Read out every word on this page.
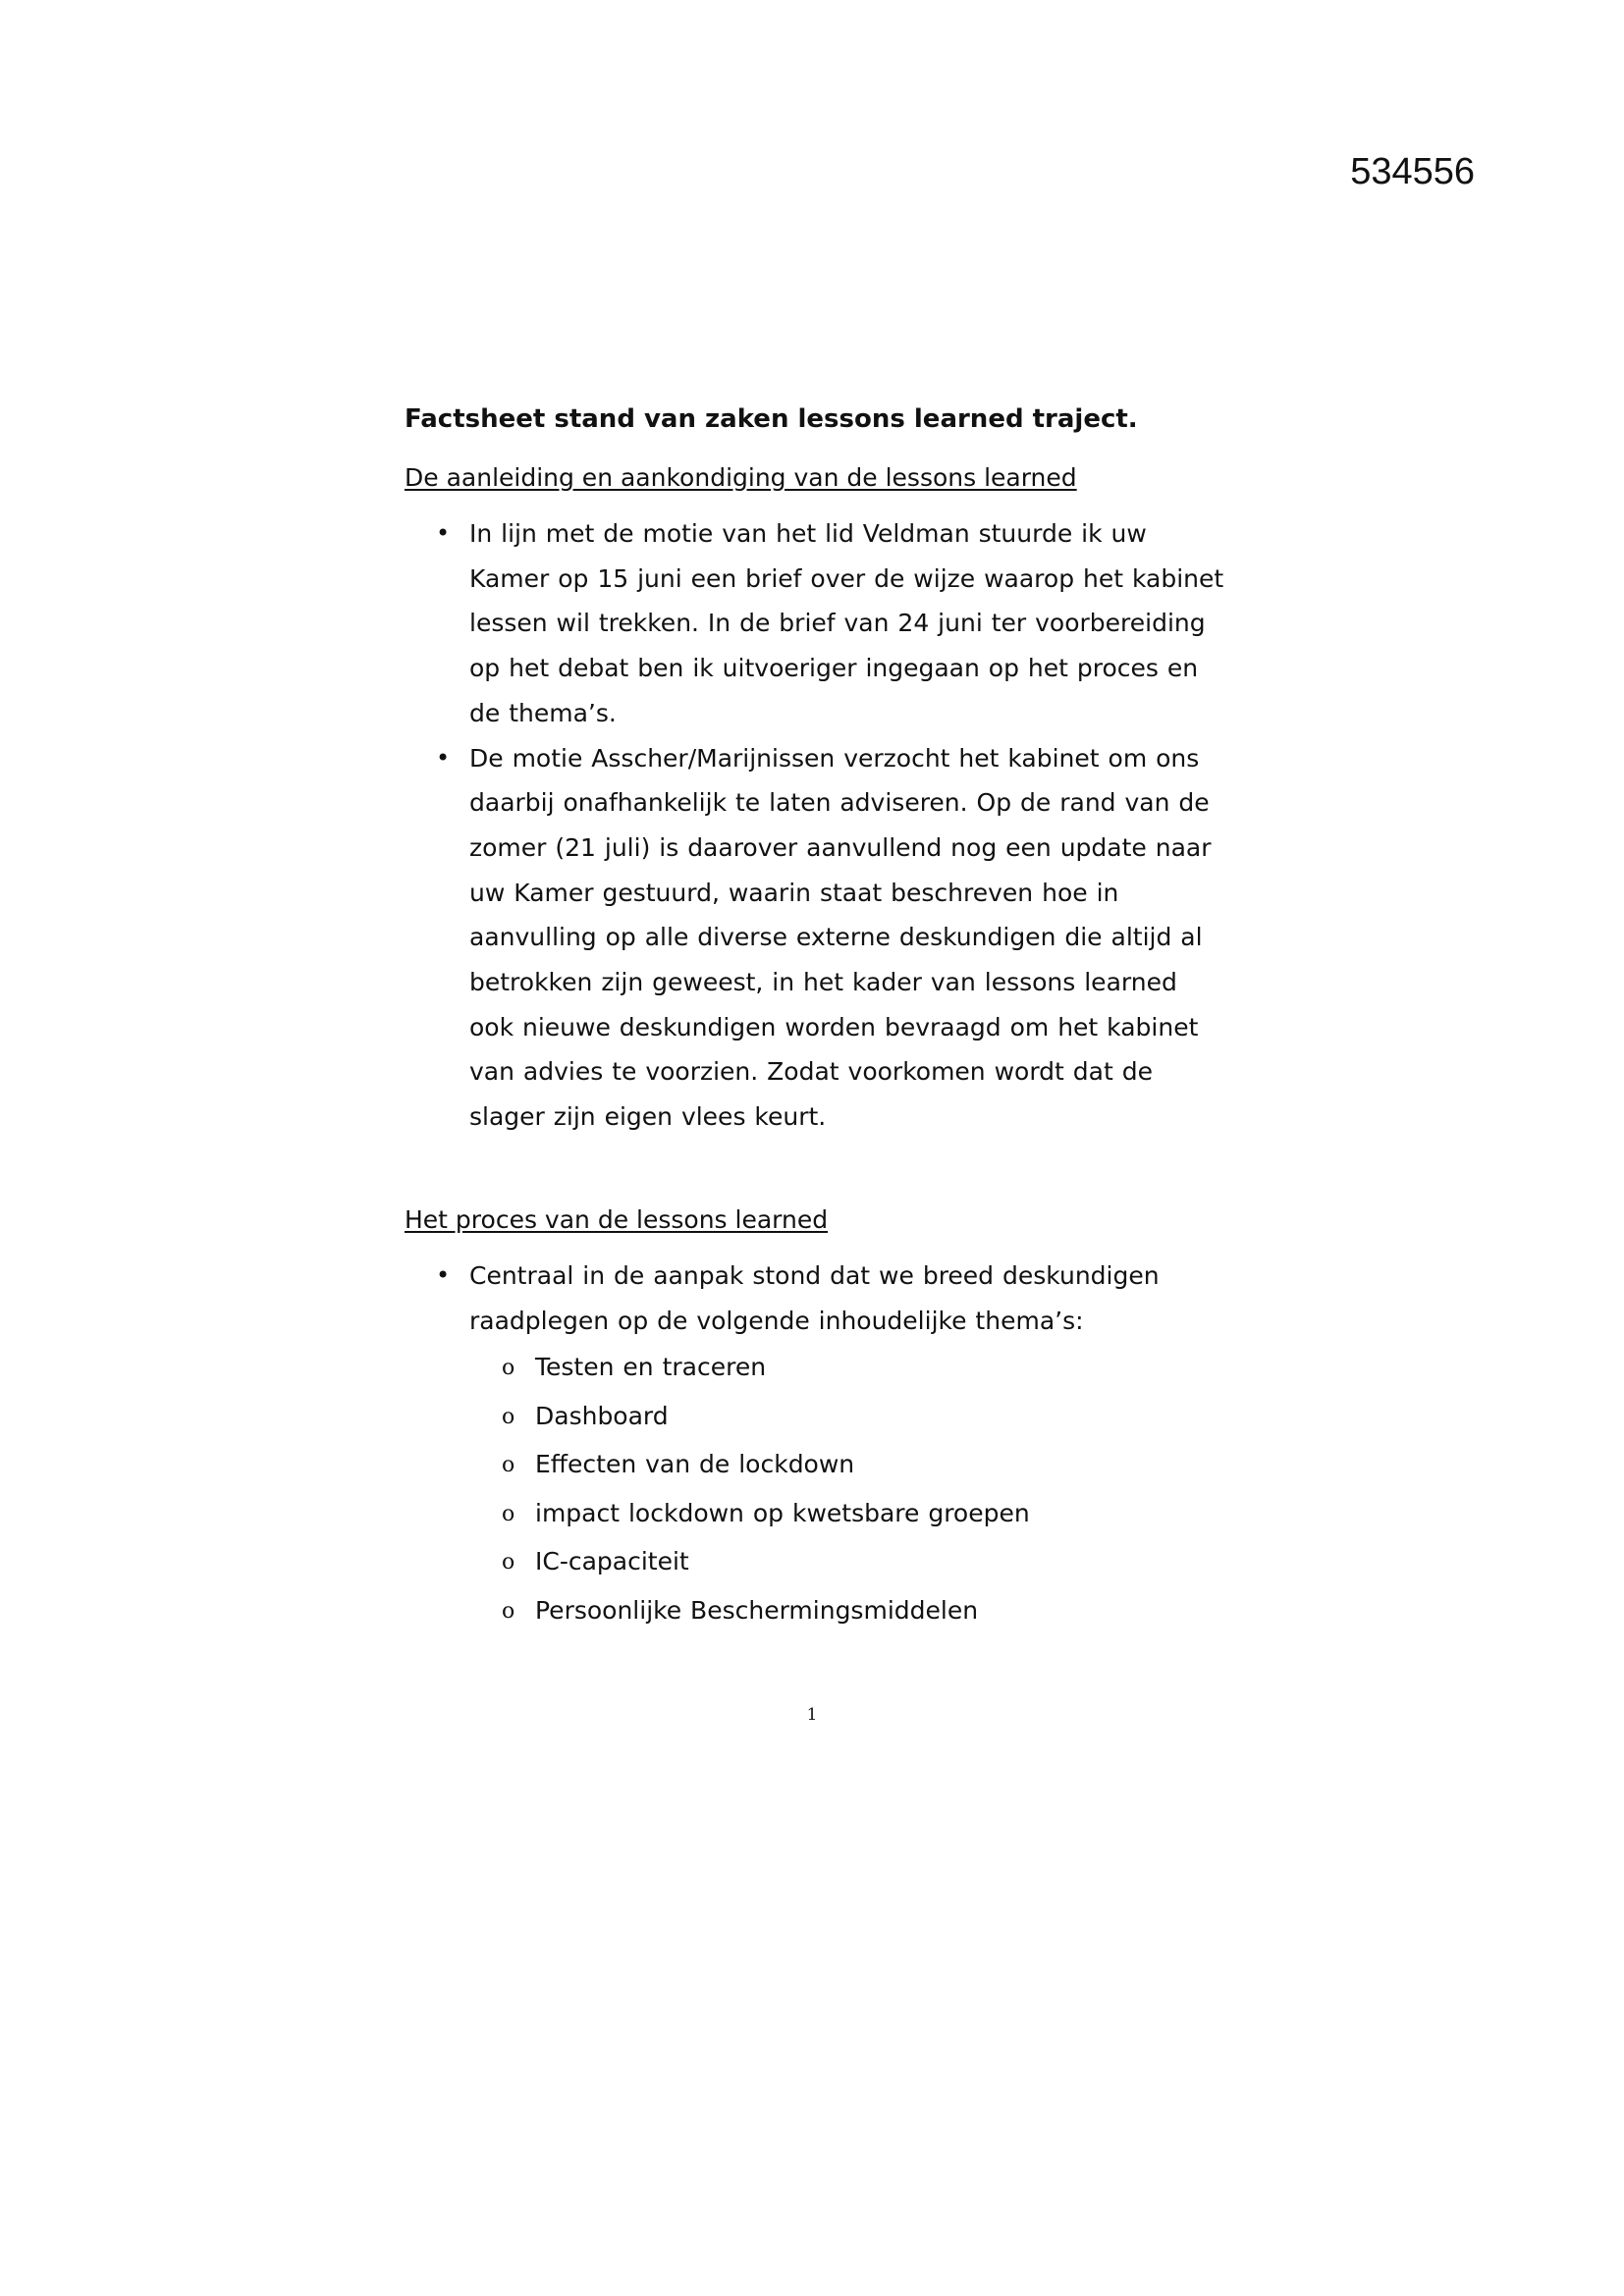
534556
Factsheet stand van zaken lessons learned traject.
De aanleiding en aankondiging van de lessons learned
• In lijn met de motie van het lid Veldman stuurde ik uw
Kamer op 15 juni een brief over de wijze waarop het kabinet
lessen wil trekken. In de brief van 24 juni ter voorbereiding
op het debat ben ik uitvoeriger ingegaan op het proces en
de thema’s.
• De motie Asscher/Marijnissen verzocht het kabinet om ons
daarbij onafhankelijk te laten adviseren. Op de rand van de
zomer (21 juli) is daarover aanvullend nog een update naar
uw Kamer gestuurd, waarin staat beschreven hoe in
aanvulling op alle diverse externe deskundigen die altijd al
betrokken zijn geweest, in het kader van lessons learned
ook nieuwe deskundigen worden bevraagd om het kabinet
van advies te voorzien. Zodat voorkomen wordt dat de
slager zijn eigen vlees keurt.
Het proces van de lessons learned
• Centraal in de aanpak stond dat we breed deskundigen
raadplegen op de volgende inhoudelijke thema’s:
o Testen en traceren
o Dashboard
o Effecten van de lockdown
o impact lockdown op kwetsbare groepen
o IC-capaciteit
o Persoonlijke Beschermingsmiddelen
1
